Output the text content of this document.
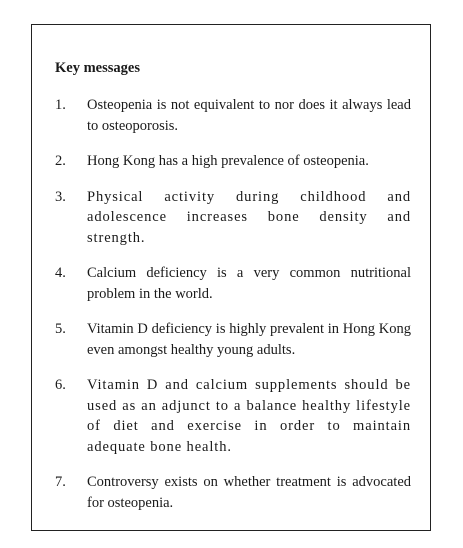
Key messages
1. Osteopenia is not equivalent to nor does it always lead to osteoporosis.
2. Hong Kong has a high prevalence of osteopenia.
3. Physical activity during childhood and adolescence increases bone density and strength.
4. Calcium deficiency is a very common nutritional problem in the world.
5. Vitamin D deficiency is highly prevalent in Hong Kong even amongst healthy young adults.
6. Vitamin D and calcium supplements should be used as an adjunct to a balance healthy lifestyle of diet and exercise in order to maintain adequate bone health.
7. Controversy exists on whether treatment is advocated for osteopenia.
